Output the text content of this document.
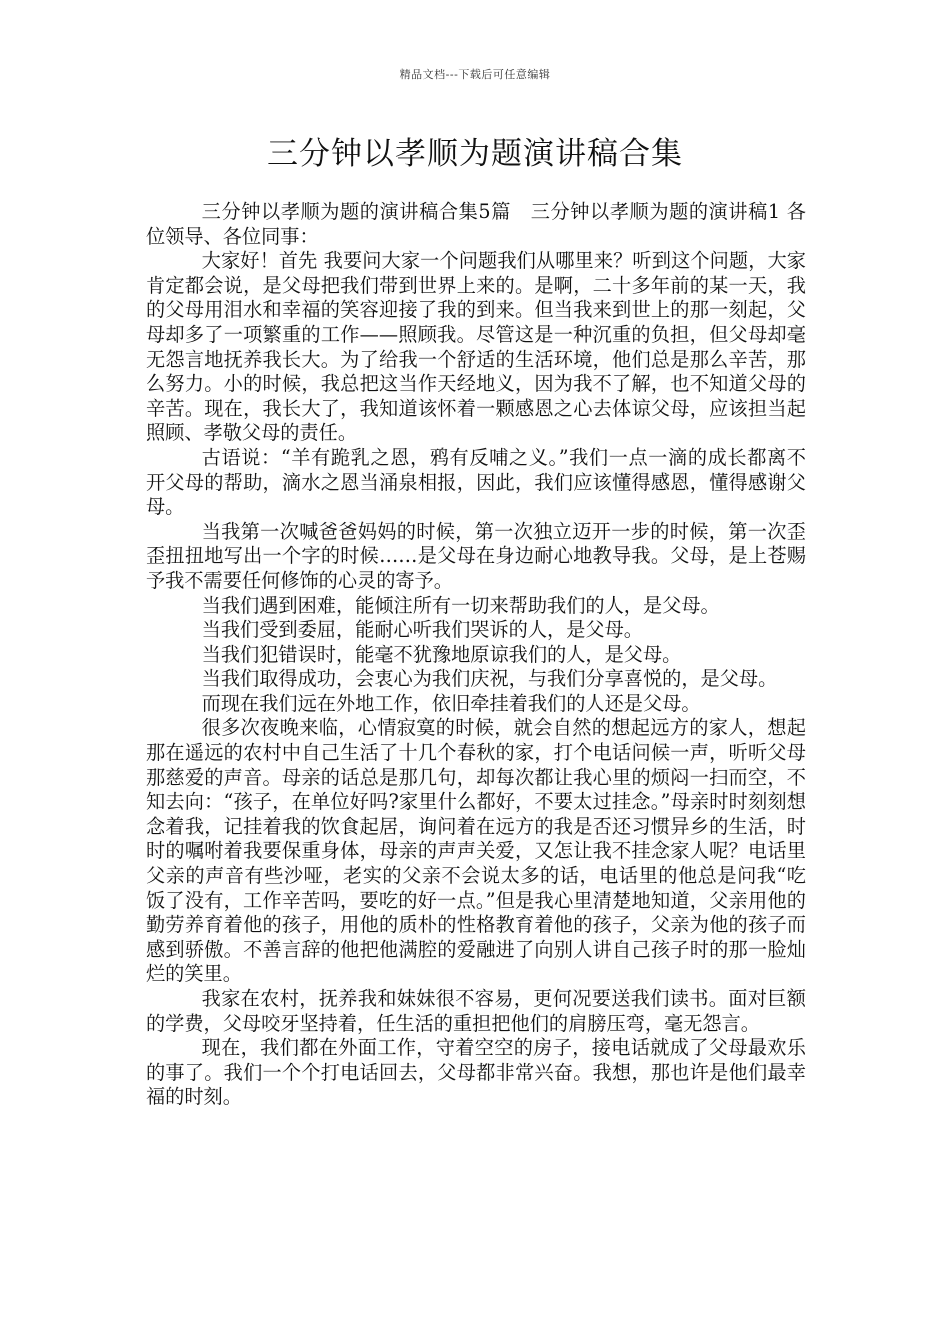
精品文档---下载后可任意编辑
三分钟以孝顺为题演讲稿合集

三分钟以孝顺为题的演讲稿合集5篇　三分钟以孝顺为题的演讲稿1 各位领导、各位同事：

大家好！首先 我要问大家一个问题我们从哪里来？听到这个问题，大家肯定都会说，是父母把我们带到世界上来的。是啊，二十多年前的某一天，我的父母用泪水和幸福的笑容迎接了我的到来。但当我来到世上的那一刻起，父母却多了一项繁重的工作——照顾我。尽管这是一种沉重的负担，但父母却毫无怨言地抚养我长大。为了给我一个舒适的生活环境，他们总是那么辛苦，那么努力。小的时候，我总把这当作天经地义，因为我不了解，也不知道父母的辛苦。现在，我长大了，我知道该怀着一颗感恩之心去体谅父母，应该担当起照顾、孝敬父母的责任。

古语说：“羊有跪乳之恩，鸦有反哺之义。”我们一点一滴的成长都离不开父母的帮助，滴水之恩当涌泉相报，因此，我们应该懂得感恩，懂得感谢父母。

当我第一次喊爸爸妈妈的时候，第一次独立迈开一步的时候，第一次歪歪扭扭地写出一个字的时候……是父母在身边耐心地教导我。父母，是上苍赐予我不需要任何修饰的心灵的寄予。

当我们遇到困难，能倾注所有一切来帮助我们的人，是父母。

当我们受到委屈，能耐心听我们哭诉的人，是父母。

当我们犯错误时，能毫不犹豫地原谅我们的人，是父母。

当我们取得成功，会衷心为我们庆祝，与我们分享喜悦的，是父母。

而现在我们远在外地工作，依旧牵挂着我们的人还是父母。

很多次夜晚来临，心情寂寞的时候，就会自然的想起远方的家人，想起那在遥远的农村中自己生活了十几个春秋的家，打个电话问候一声，听听父母那慈爱的声音。母亲的话总是那几句，却每次都让我心里的烦闷一扫而空，不知去向：“孩子，在单位好吗?家里什么都好，不要太过挂念。”母亲时时刻刻想念着我，记挂着我的饮食起居，询问着在远方的我是否还习惯异乡的生活，时时的嘱咐着我要保重身体，母亲的声声关爱，又怎让我不挂念家人呢？电话里父亲的声音有些沙哑，老实的父亲不会说太多的话，电话里的他总是问我“吃饭了没有，工作辛苦吗，要吃的好一点。”但是我心里清楚地知道，父亲用他的勤劳养育着他的孩子，用他的质朴的性格教育着他的孩子，父亲为他的孩子而感到骄傲。不善言辞的他把他满腔的爱融进了向别人讲自己孩子时的那一脸灿烂的笑里。

我家在农村，抚养我和妹妹很不容易，更何况要送我们读书。面对巨额的学费，父母咬牙坚持着，任生活的重担把他们的肩膀压弯，毫无怨言。

现在，我们都在外面工作，守着空空的房子，接电话就成了父母最欢乐的事了。我们一个个打电话回去，父母都非常兴奋。我想，那也许是他们最幸福的时刻。
